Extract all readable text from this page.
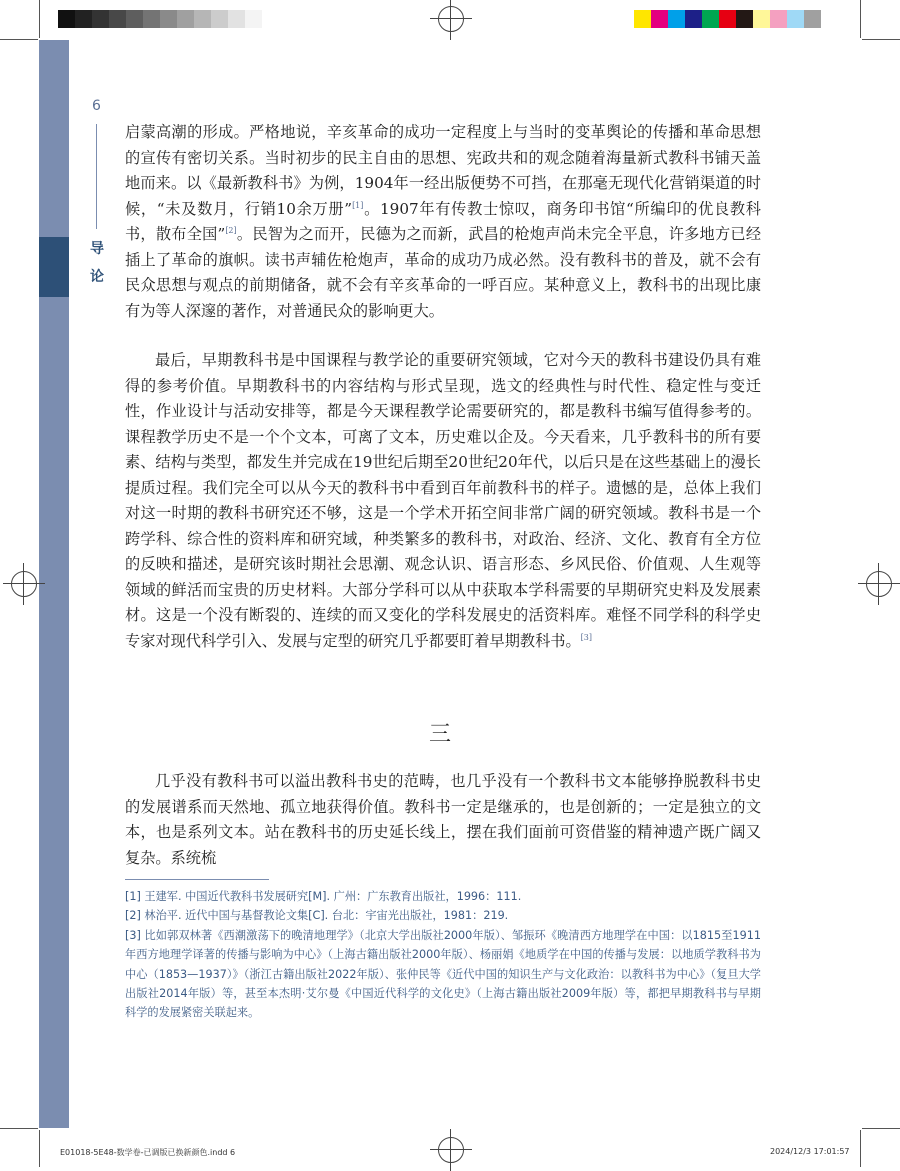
6
导
论

启蒙高潮的形成。严格地说，辛亥革命的成功一定程度上与当时的变革舆论的传播和革命思想的宣传有密切关系。当时初步的民主自由的思想、宪政共和的观念随着海量新式教科书铺天盖地而来。以《最新教科书》为例，1904年一经出版便势不可挡，在那毫无现代化营销渠道的时候，“未及数月，行销10余万册”[1]。1907年有传教士惊叹，商务印书馆“所编印的优良教科书，散布全国”[2]。民智为之而开，民德为之而新，武昌的枪炮声尚未完全平息，许多地方已经插上了革命的旗帜。读书声辅佐枪炮声，革命的成功乃成必然。没有教科书的普及，就不会有民众思想与观点的前期储备，就不会有辛亥革命的一呼百应。某种意义上，教科书的出现比康有为等人深邃的著作，对普通民众的影响更大。

最后，早期教科书是中国课程与教学论的重要研究领域，它对今天的教科书建设仍具有难得的参考价值。早期教科书的内容结构与形式呈现，选文的经典性与时代性、稳定性与变迁性，作业设计与活动安排等，都是今天课程教学论需要研究的，都是教科书编写值得参考的。课程教学历史不是一个个文本，可离了文本，历史难以企及。今天看来，几乎教科书的所有要素、结构与类型，都发生并完成在19世纪后期至20世纪20年代，以后只是在这些基础上的漫长提质过程。我们完全可以从今天的教科书中看到百年前教科书的样子。遗憾的是，总体上我们对这一时期的教科书研究还不够，这是一个学术开拓空间非常广阔的研究领域。教科书是一个跨学科、综合性的资料库和研究域，种类繁多的教科书，对政治、经济、文化、教育有全方位的反映和描述，是研究该时期社会思潮、观念认识、语言形态、乡风民俗、价值观、人生观等领域的鲜活而宝贵的历史材料。大部分学科可以从中获取本学科需要的早期研究史料及发展素材。这是一个没有断裂的、连续的而又变化的学科发展史的活资料库。难怪不同学科的科学史专家对现代科学引入、发展与定型的研究几乎都要盯着早期教科书。[3]

三

几乎没有教科书可以溢出教科书史的范畴，也几乎没有一个教科书文本能够挣脱教科书史的发展谱系而天然地、孤立地获得价值。教科书一定是继承的，也是创新的；一定是独立的文本，也是系列文本。站在教科书的历史延长线上，摆在我们面前可资借鉴的精神遗产既广阔又复杂。系统梳

[1] 王建军. 中国近代教科书发展研究[M]. 广州：广东教育出版社，1996：111.

[2] 林治平. 近代中国与基督教论文集[C]. 台北：宇宙光出版社，1981：219.

[3] 比如郭双林著《西潮激荡下的晚清地理学》（北京大学出版社2000年版）、邹振环《晚清西方地理学在中国：以1815至1911年西方地理学译著的传播与影响为中心》（上海古籍出版社2000年版）、杨丽娟《地质学在中国的传播与发展：以地质学教科书为中心（1853—1937）》（浙江古籍出版社2022年版）、张仲民等《近代中国的知识生产与文化政治：以教科书为中心》（复旦大学出版社2014年版）等，甚至本杰明·艾尔曼《中国近代科学的文化史》（上海古籍出版社2009年版）等，都把早期教科书与早期科学的发展紧密关联起来。

E01018-5E48-数学卷-已调版已换新颜色.indd 6	2024/12/3 17:01:57
